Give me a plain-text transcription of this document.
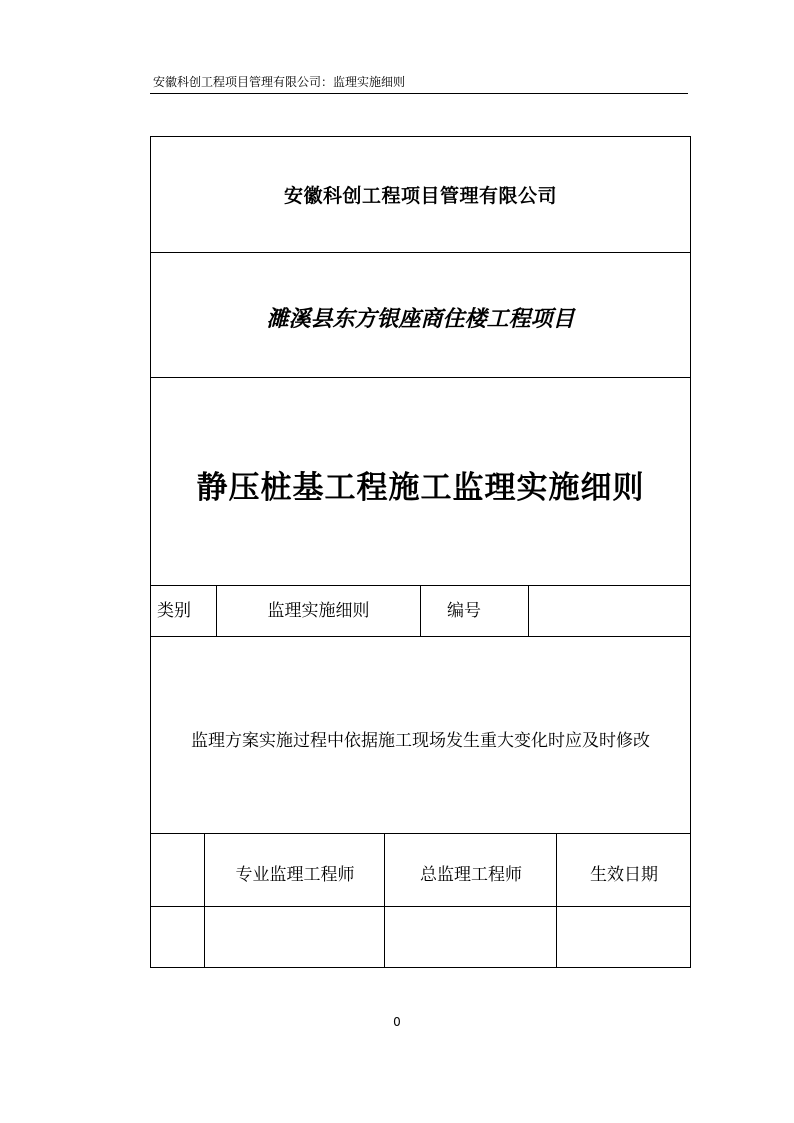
安徽科创工程项目管理有限公司：监理实施细则
安徽科创工程项目管理有限公司
濉溪县东方银座商住楼工程项目
静压桩基工程施工监理实施细则
类别	监理实施细则	编号
监理方案实施过程中依据施工现场发生重大变化时应及时修改
专业监理工程师	总监理工程师	生效日期
0
